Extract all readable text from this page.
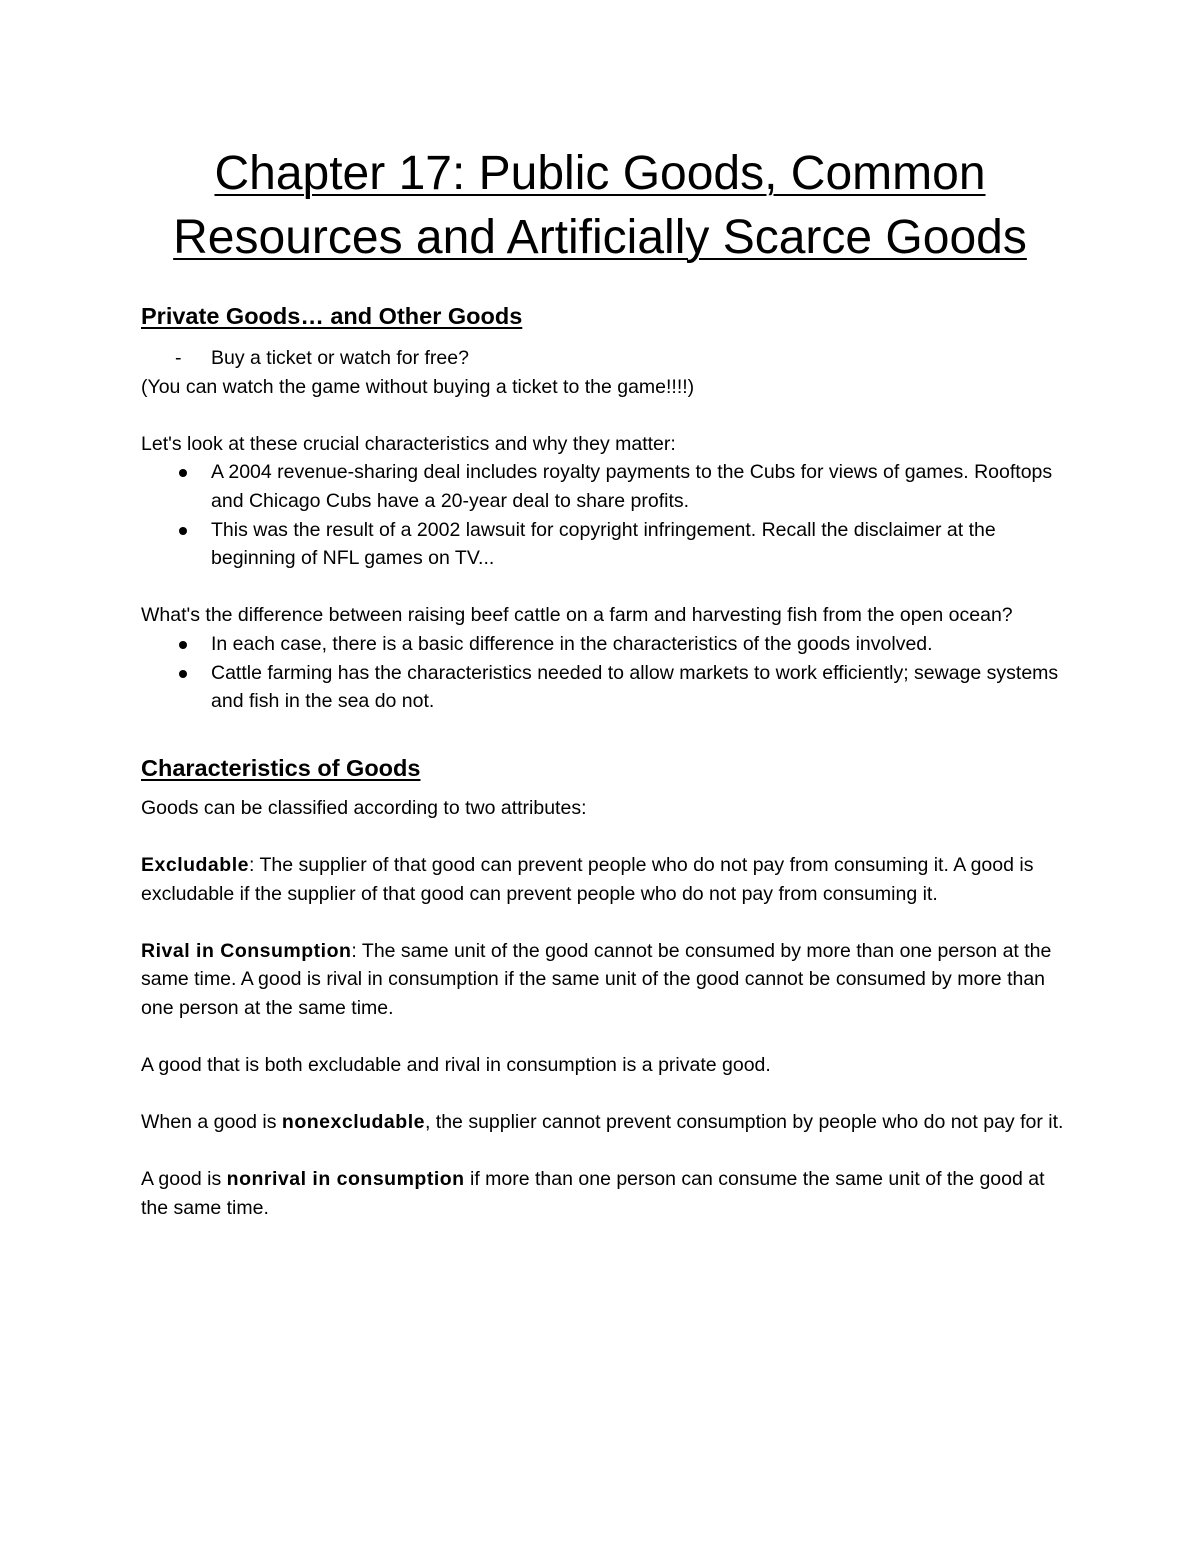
Chapter 17: Public Goods, Common
Resources and Artificially Scarce Goods
Private Goods… and Other Goods
- Buy a ticket or watch for free?

(You can watch the game without buying a ticket to the game!!!!)

Let's look at these crucial characteristics and why they matter:

A 2004 revenue-sharing deal includes royalty payments to the Cubs for views of games. Rooftops and Chicago Cubs have a 20-year deal to share profits.
This was the result of a 2002 lawsuit for copyright infringement. Recall the disclaimer at the beginning of NFL games on TV...

What's the difference between raising beef cattle on a farm and harvesting fish from the open ocean?

In each case, there is a basic difference in the characteristics of the goods involved.
Cattle farming has the characteristics needed to allow markets to work efficiently; sewage systems and fish in the sea do not.
Characteristics of Goods

Goods can be classified according to two attributes:

Excludable: The supplier of that good can prevent people who do not pay from consuming it. A good is excludable if the supplier of that good can prevent people who do not pay from consuming it.

Rival in Consumption: The same unit of the good cannot be consumed by more than one person at the same time. A good is rival in consumption if the same unit of the good cannot be consumed by more than one person at the same time.

A good that is both excludable and rival in consumption is a private good.

When a good is nonexcludable, the supplier cannot prevent consumption by people who do not pay for it.

A good is nonrival in consumption if more than one person can consume the same unit of the good at the same time.
